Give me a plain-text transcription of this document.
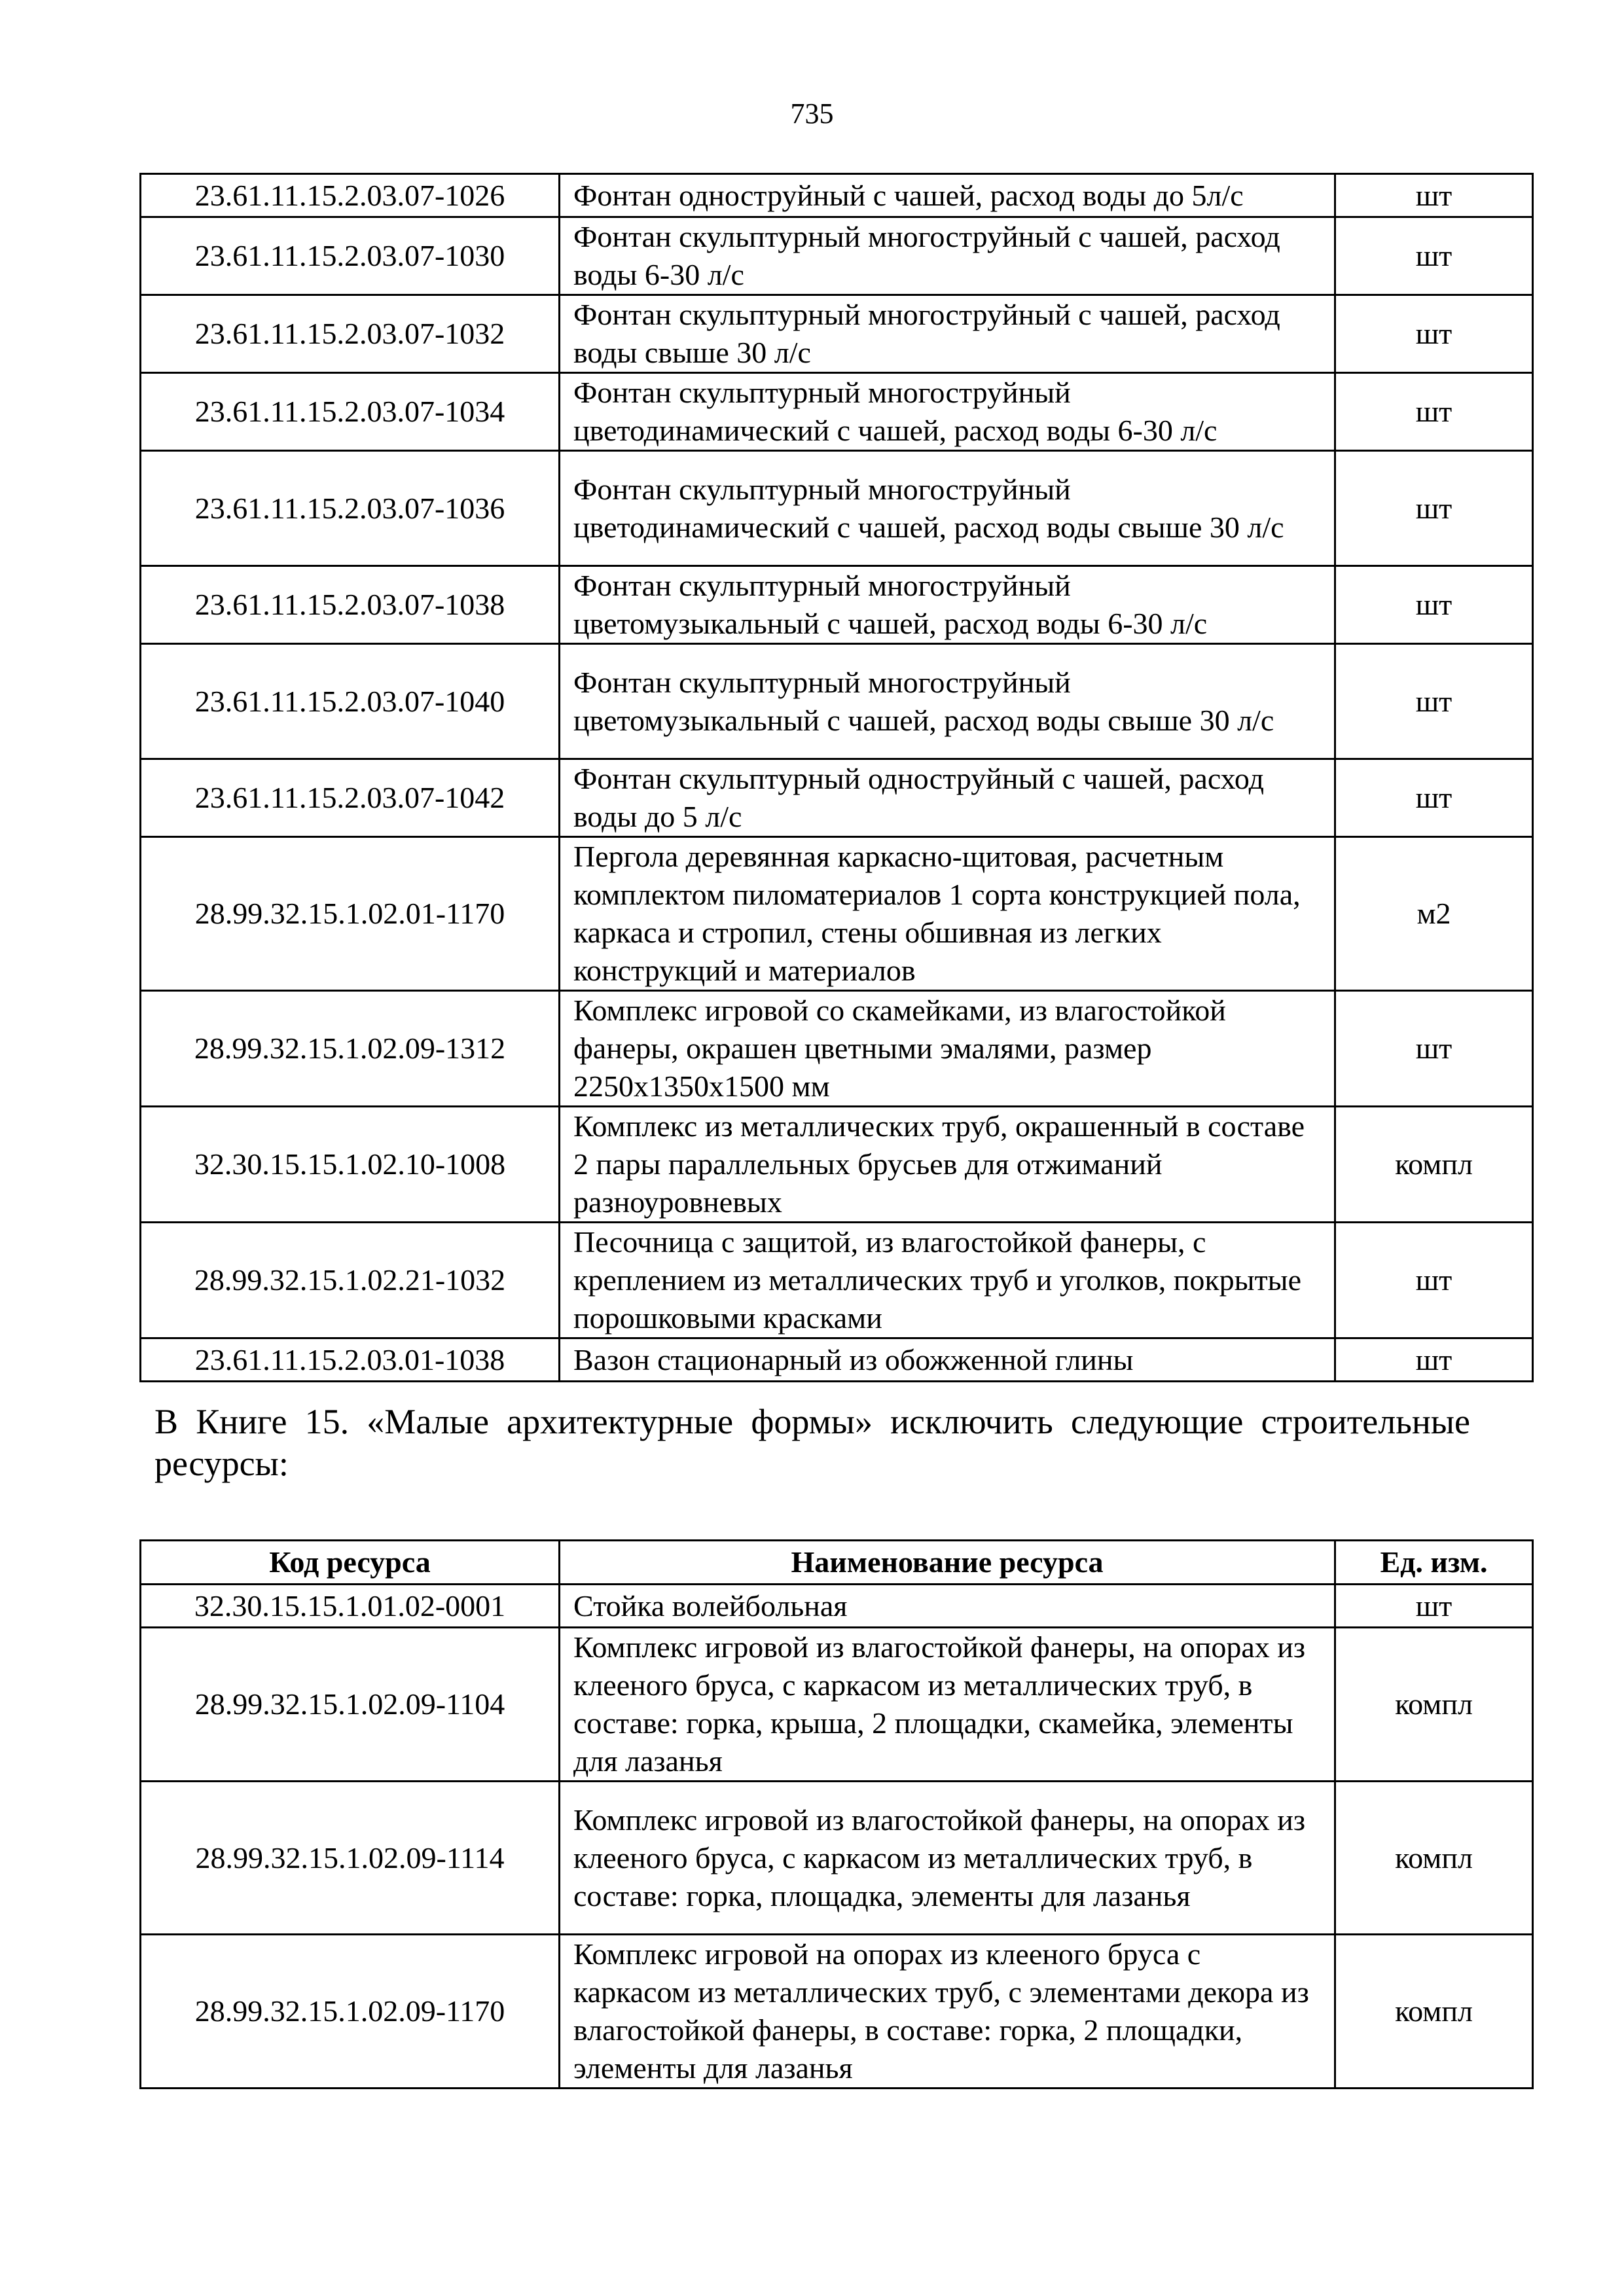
735
23.61.11.15.2.03.07-1026	Фонтан одноструйный с чашей, расход воды до 5л/с	шт
23.61.11.15.2.03.07-1030	Фонтан скульптурный многоструйный с чашей, расход воды 6-30 л/с	шт
23.61.11.15.2.03.07-1032	Фонтан скульптурный многоструйный с чашей, расход воды свыше 30 л/с	шт
23.61.11.15.2.03.07-1034	Фонтан скульптурный многоструйный цветодинамический с чашей, расход воды 6-30 л/с	шт
23.61.11.15.2.03.07-1036	Фонтан скульптурный многоструйный цветодинамический с чашей, расход воды свыше 30 л/с	шт
23.61.11.15.2.03.07-1038	Фонтан скульптурный многоструйный цветомузыкальный с чашей, расход воды 6-30 л/с	шт
23.61.11.15.2.03.07-1040	Фонтан скульптурный многоструйный цветомузыкальный с чашей, расход воды свыше 30 л/с	шт
23.61.11.15.2.03.07-1042	Фонтан скульптурный одноструйный с чашей, расход воды до 5 л/с	шт
28.99.32.15.1.02.01-1170	Пергола деревянная каркасно-щитовая, расчетным комплектом пиломатериалов 1 сорта конструкцией пола, каркаса и стропил, стены обшивная из легких конструкций и материалов	м2
28.99.32.15.1.02.09-1312	Комплекс игровой со скамейками, из влагостойкой фанеры, окрашен цветными эмалями, размер 2250х1350х1500 мм	шт
32.30.15.15.1.02.10-1008	Комплекс из металлических труб, окрашенный в составе 2 пары параллельных брусьев для отжиманий разноуровневых	компл
28.99.32.15.1.02.21-1032	Песочница с защитой, из влагостойкой фанеры, с креплением из металлических труб и уголков, покрытые порошковыми красками	шт
23.61.11.15.2.03.01-1038	Вазон стационарный из обожженной глины	шт
В Книге 15. «Малые архитектурные формы» исключить следующие строительные ресурсы:
Код ресурса	Наименование ресурса	Ед. изм.
32.30.15.15.1.01.02-0001	Стойка волейбольная	шт
28.99.32.15.1.02.09-1104	Комплекс игровой из влагостойкой фанеры, на опорах из клееного бруса, с каркасом из металлических труб, в составе: горка, крыша, 2 площадки, скамейка, элементы для лазанья	компл
28.99.32.15.1.02.09-1114	Комплекс игровой из влагостойкой фанеры, на опорах из клееного бруса, с каркасом из металлических труб, в составе: горка, площадка, элементы для лазанья	компл
28.99.32.15.1.02.09-1170	Комплекс игровой на опорах из клееного бруса с каркасом из металлических труб, с элементами декора из влагостойкой фанеры, в составе: горка, 2 площадки, элементы для лазанья	компл
